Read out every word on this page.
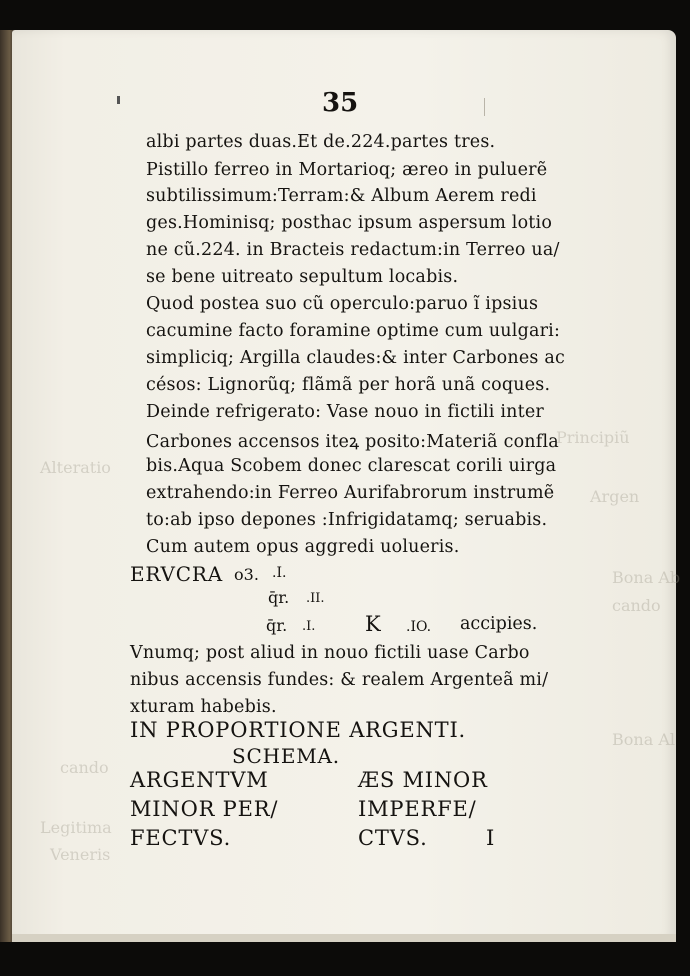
Principiũ
Alteratio
Argen
Bona Ab
cando
Bona Al
cando
Legitima
Veneris
35
albi partes duas.Et de.224.partes tres.
Pistillo ferreo in Mortarioq; æreo in puluerẽ
subtilissimum:Terram:& Album Aerem redi
ges.Hominisq; posthac ipsum aspersum lotio
ne cũ.224. in Bracteis redactum:in Terreo ua/
se bene uitreato sepultum locabis.
Quod postea suo cũ operculo:paruo ĩ ipsius
cacumine facto foramine optime cum uulgari:
simpliciq; Argilla claudes:& inter Carbones ac
césos: Lignorũq; flãmã per horã unã coques.
Deinde refrigerato: Vase nouo in fictili inter
Carbones accensos iteꝝ posito:Materiã confla
bis.Aqua Scobem donec clarescat corili uirga
extrahendo:in Ferreo Aurifabrorum instrumẽ
to:ab ipso depones :Infrigidatamq; seruabis.
Cum autem opus aggredi uolueris.
ERVCRA o3. .I.
q̄r. .II.
q̄r. .I. K .IO. accipies.
Vnumq; post aliud in nouo fictili uase Carbo
nibus accensis fundes: & realem Argenteã mi/
xturam habebis.
IN PROPORTIONE ARGENTI.
SCHEMA.
ARGENTVM
MINOR PER/
FECTVS.
ÆS MINOR
IMPERFE/
CTVS.	I
